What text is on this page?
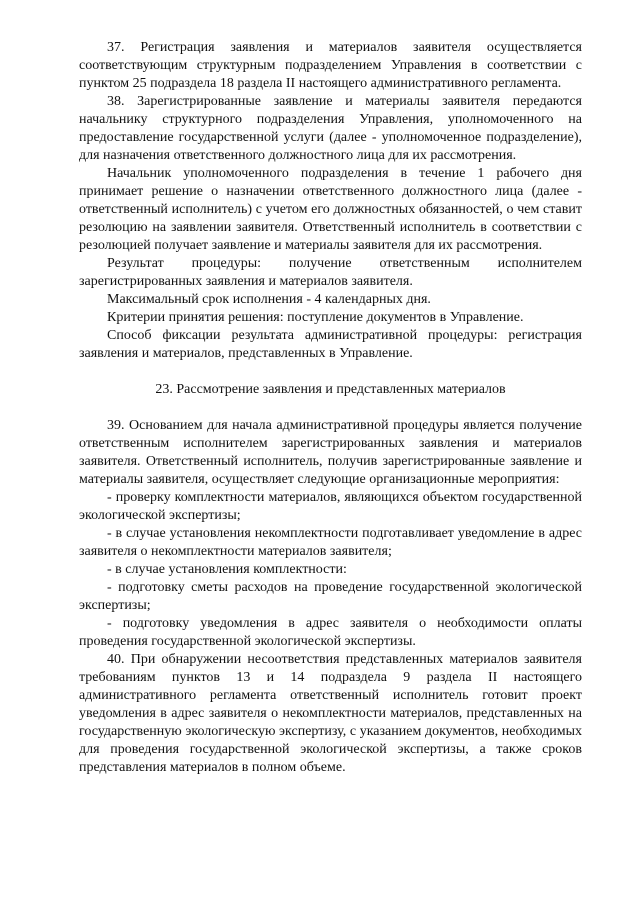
37. Регистрация заявления и материалов заявителя осуществляется соответствующим структурным подразделением Управления в соответствии с пунктом 25 подраздела 18 раздела II настоящего административного регламента.

38. Зарегистрированные заявление и материалы заявителя передаются начальнику структурного подразделения Управления, уполномоченного на предоставление государственной услуги (далее - уполномоченное подразделение), для назначения ответственного должностного лица для их рассмотрения.

Начальник уполномоченного подразделения в течение 1 рабочего дня принимает решение о назначении ответственного должностного лица (далее - ответственный исполнитель) с учетом его должностных обязанностей, о чем ставит резолюцию на заявлении заявителя. Ответственный исполнитель в соответствии с резолюцией получает заявление и материалы заявителя для их рассмотрения.

Результат процедуры: получение ответственным исполнителем зарегистрированных заявления и материалов заявителя.

Максимальный срок исполнения - 4 календарных дня.

Критерии принятия решения: поступление документов в Управление.

Способ фиксации результата административной процедуры: регистрация заявления и материалов, представленных в Управление.

23. Рассмотрение заявления и представленных материалов

39. Основанием для начала административной процедуры является получение ответственным исполнителем зарегистрированных заявления и материалов заявителя. Ответственный исполнитель, получив зарегистрированные заявление и материалы заявителя, осуществляет следующие организационные мероприятия:

- проверку комплектности материалов, являющихся объектом государственной экологической экспертизы;

- в случае установления некомплектности подготавливает уведомление в адрес заявителя о некомплектности материалов заявителя;

- в случае установления комплектности:

- подготовку сметы расходов на проведение государственной экологической экспертизы;

- подготовку уведомления в адрес заявителя о необходимости оплаты проведения государственной экологической экспертизы.

40. При обнаружении несоответствия представленных материалов заявителя требованиям пунктов 13 и 14 подраздела 9 раздела II настоящего административного регламента ответственный исполнитель готовит проект уведомления в адрес заявителя о некомплектности материалов, представленных на государственную экологическую экспертизу, с указанием документов, необходимых для проведения государственной экологической экспертизы, а также сроков представления материалов в полном объеме.
